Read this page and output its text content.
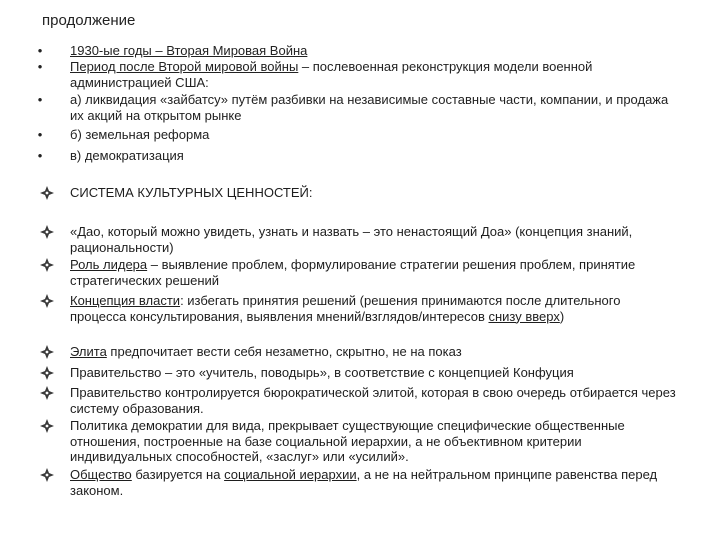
продолжение
• 1930-ые годы – Вторая Мировая Война
• Период после Второй мировой войны – послевоенная реконструкция модели военной администрацией США:
• а) ликвидация «зайбатсу» путём разбивки на независимые составные части, компании, и продажа их акций на открытом рынке
• б) земельная реформа
• в) демократизация
СИСТЕМА КУЛЬТУРНЫХ ЦЕННОСТЕЙ:
«Дао, который можно увидеть, узнать и назвать – это ненастоящий Доа» (концепция знаний, рациональности)
Роль лидера – выявление проблем, формулирование стратегии решения проблем, принятие стратегических решений
Концепция власти: избегать принятия решений (решения принимаются после длительного процесса консультирования, выявления мнений/взглядов/интересов снизу вверх)
Элита предпочитает вести себя незаметно, скрытно, не на показ
Правительство – это «учитель, поводырь», в соответствие с концепцией Конфуция
Правительство контролируется бюрократической элитой, которая в свою очередь отбирается через систему образования.
Политика демократии для вида, прекрывает существующие специфические общественные отношения, построенные на базе социальной иерархии, а не объективном критерии индивидуальных способностей, «заслуг» или «усилий».
Общество базируется на социальной иерархии, а не на нейтральном принципе равенства перед законом.
